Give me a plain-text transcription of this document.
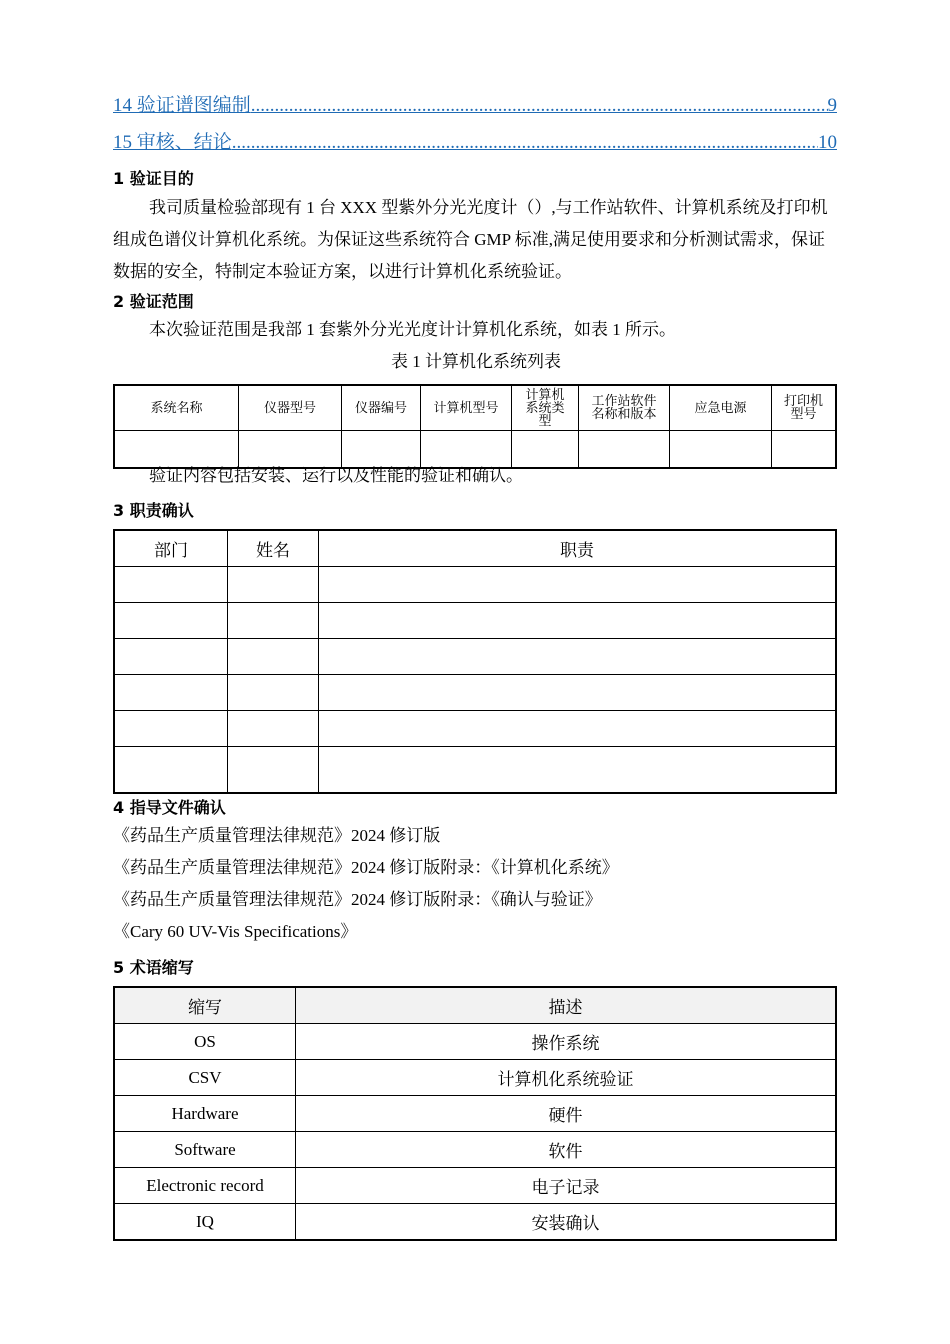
14 验证谱图编制 .....	9
15 审核、结论 .....	10
1 验证目的
我司质量检验部现有 1 台 XXX 型紫外分光光度计（）,与工作站软件、计算机系统及打印机组成色谱仪计算机化系统。为保证这些系统符合 GMP 标准,满足使用要求和分析测试需求，保证数据的安全，特制定本验证方案，以进行计算机化系统验证。
2 验证范围
本次验证范围是我部 1 套紫外分光光度计计算机化系统，如表 1 所示。
表 1 计算机化系统列表
系统名称	仪器型号	仪器编号	计算机型号	计算机系统类型	工作站软件名称和版本	应急电源	打印机型号

验证内容包括安装、运行以及性能的验证和确认。
3 职责确认
部门	姓名	职责

4 指导文件确认
《药品生产质量管理法律规范》2024 修订版
《药品生产质量管理法律规范》2024 修订版附录：《计算机化系统》
《药品生产质量管理法律规范》2024 修订版附录：《确认与验证》
《Cary 60 UV-Vis Specifications》
5 术语缩写
缩写	描述
OS	操作系统
CSV	计算机化系统验证
Hardware	硬件
Software	软件
Electronic record	电子记录
IQ	安装确认
